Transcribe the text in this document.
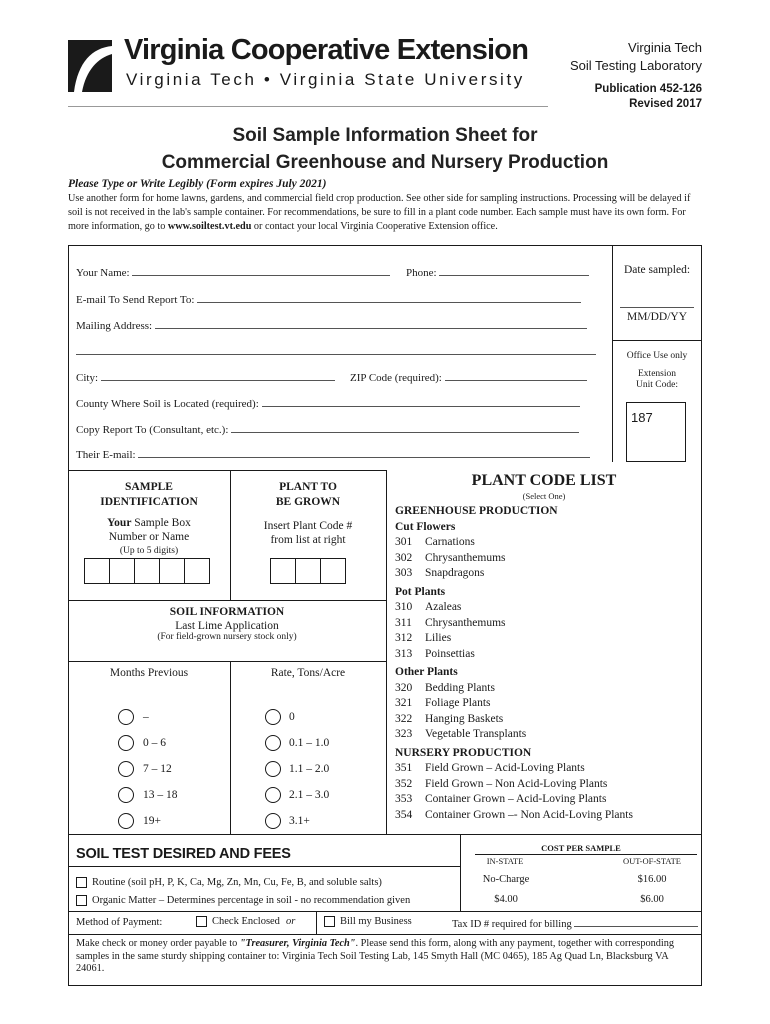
Virginia Cooperative Extension
Virginia Tech • Virginia State University
Virginia Tech
Soil Testing Laboratory
Publication 452-126
Revised 2017
Soil Sample Information Sheet for
Commercial Greenhouse and Nursery Production
Please Type or Write Legibly (Form expires July 2021)
Use another form for home lawns, gardens, and commercial field crop production. See other side for sampling instructions. Processing will be delayed if soil is not received in the lab's sample container. For recommendations, be sure to fill in a plant code number. Each sample must have its own form. For more information, go to www.soiltest.vt.edu or contact your local Virginia Cooperative Extension office.
Your Name:	Phone:
E-mail To Send Report To:
Mailing Address:
City:	ZIP Code (required):
County Where Soil is Located (required):
Copy Report To (Consultant, etc.):
Their E-mail:
Date sampled:
MM/DD/YY
Office Use only
Extension
Unit Code:
187
SAMPLE
IDENTIFICATION
Your Sample Box
Number or Name
(Up to 5 digits)
PLANT TO
BE GROWN
Insert Plant Code #
from list at right
SOIL INFORMATION
Last Lime Application
(For field-grown nursery stock only)
Months Previous	Rate, Tons/Acre
–
0 – 6
7 – 12
13 – 18
19+
0
0.1 – 1.0
1.1 – 2.0
2.1 – 3.0
3.1+
PLANT CODE LIST
(Select One)
GREENHOUSE PRODUCTION
Cut Flowers
301 Carnations
302 Chrysanthemums
303 Snapdragons
Pot Plants
310 Azaleas
311 Chrysanthemums
312 Lilies
313 Poinsettias
Other Plants
320 Bedding Plants
321 Foliage Plants
322 Hanging Baskets
323 Vegetable Transplants
NURSERY PRODUCTION
351 Field Grown – Acid-Loving Plants
352 Field Grown – Non Acid-Loving Plants
353 Container Grown – Acid-Loving Plants
354 Container Grown –- Non Acid-Loving Plants
SOIL TEST DESIRED AND FEES	COST PER SAMPLE
IN-STATE	OUT-OF-STATE
Routine (soil pH, P, K, Ca, Mg, Zn, Mn, Cu, Fe, B, and soluble salts)	No-Charge	$16.00
Organic Matter – Determines percentage in soil - no recommendation given	$4.00	$6.00
Method of Payment:	Check Enclosed or	Bill my Business	Tax ID # required for billing
Make check or money order payable to "Treasurer, Virginia Tech". Please send this form, along with any payment, together with corresponding samples in the same sturdy shipping container to: Virginia Tech Soil Testing Lab, 145 Smyth Hall (MC 0465), 185 Ag Quad Ln, Blacksburg VA 24061.
